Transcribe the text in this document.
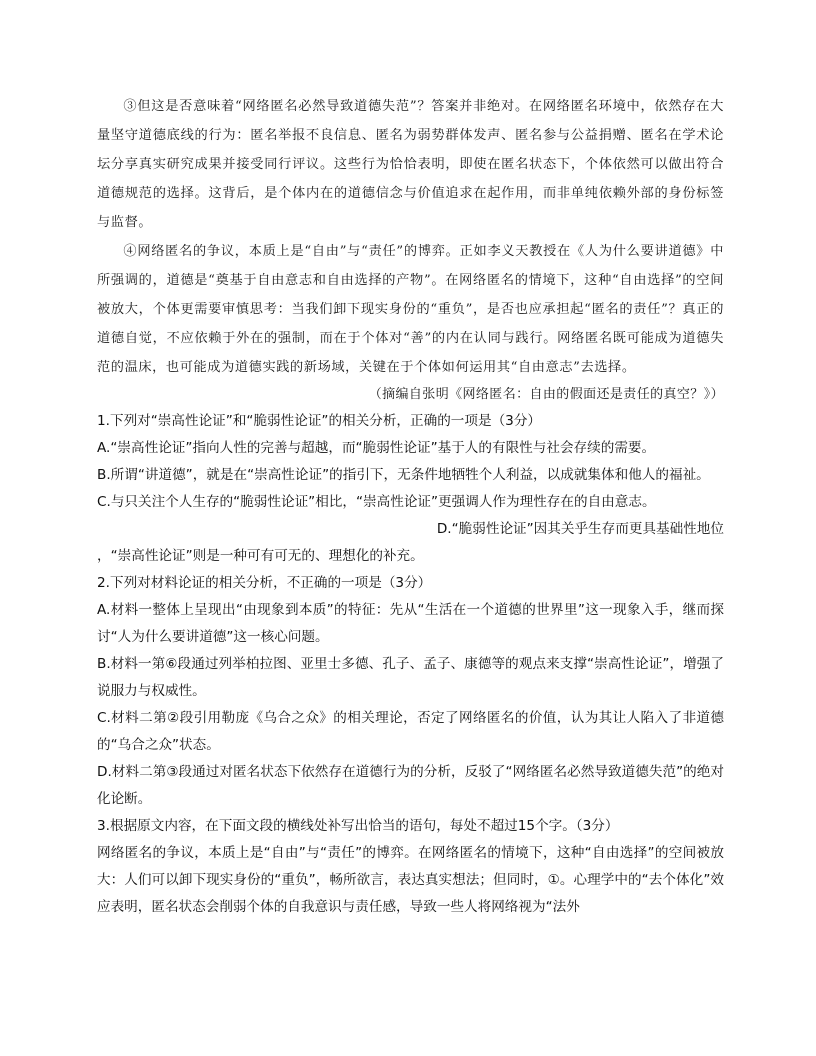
③但这是否意味着“网络匿名必然导致道德失范”？答案并非绝对。在网络匿名环境中，依然存在大量坚守道德底线的行为：匿名举报不良信息、匿名为弱势群体发声、匿名参与公益捐赠、匿名在学术论坛分享真实研究成果并接受同行评议。这些行为恰恰表明，即使在匿名状态下，个体依然可以做出符合道德规范的选择。这背后，是个体内在的道德信念与价值追求在起作用，而非单纯依赖外部的身份标签与监督。

④网络匿名的争议，本质上是“自由”与“责任”的博弈。正如李义天教授在《人为什么要讲道德》中所强调的，道德是“奠基于自由意志和自由选择的产物”。在网络匿名的情境下，这种“自由选择”的空间被放大，个体更需要审慎思考：当我们卸下现实身份的“重负”，是否也应承担起“匿名的责任”？真正的道德自觉，不应依赖于外在的强制，而在于个体对“善”的内在认同与践行。网络匿名既可能成为道德失范的温床，也可能成为道德实践的新场域，关键在于个体如何运用其“自由意志”去选择。

（摘编自张明《网络匿名：自由的假面还是责任的真空？》）

1.下列对“崇高性论证”和“脆弱性论证”的相关分析，正确的一项是（3分）

A.“崇高性论证”指向人性的完善与超越，而“脆弱性论证”基于人的有限性与社会存续的需要。

B.所谓“讲道德”，就是在“崇高性论证”的指引下，无条件地牺牲个人利益，以成就集体和他人的福祉。

C.与只关注个人生存的“脆弱性论证”相比，“崇高性论证”更强调人作为理性存在的自由意志。

D.“脆弱性论证”因其关乎生存而更具基础性地位

，“崇高性论证”则是一种可有可无的、理想化的补充。

2.下列对材料论证的相关分析，不正确的一项是（3分）

A.材料一整体上呈现出“由现象到本质”的特征：先从“生活在一个道德的世界里”这一现象入手，继而探讨“人为什么要讲道德”这一核心问题。

B.材料一第⑥段通过列举柏拉图、亚里士多德、孔子、孟子、康德等的观点来支撑“崇高性论证”，增强了说服力与权威性。

C.材料二第②段引用勒庞《乌合之众》的相关理论，否定了网络匿名的价值，认为其让人陷入了非道德的“乌合之众”状态。

D.材料二第③段通过对匿名状态下依然存在道德行为的分析，反驳了“网络匿名必然导致道德失范”的绝对化论断。

3.根据原文内容，在下面文段的横线处补写出恰当的语句，每处不超过15个字。（3分）

网络匿名的争议，本质上是“自由”与“责任”的博弈。在网络匿名的情境下，这种“自由选择”的空间被放大：人们可以卸下现实身份的“重负”，畅所欲言，表达真实想法；但同时，①。心理学中的“去个体化”效应表明，匿名状态会削弱个体的自我意识与责任感，导致一些人将网络视为“法外
